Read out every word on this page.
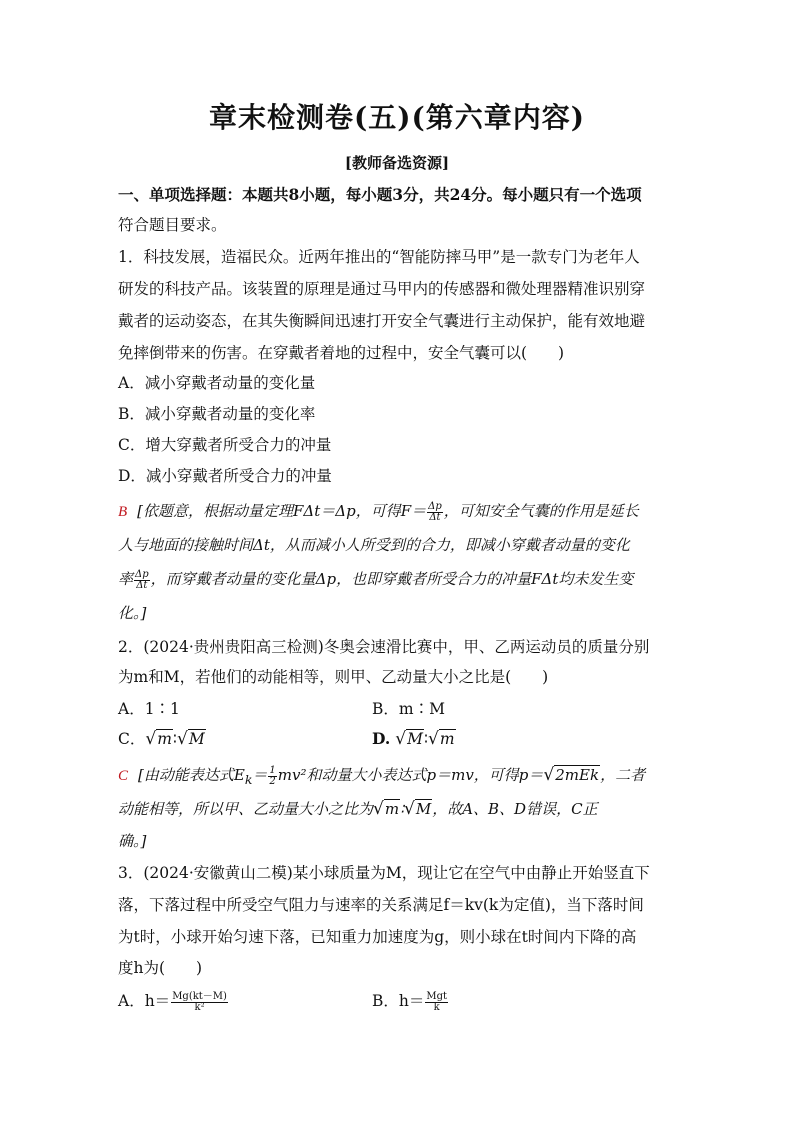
章末检测卷(五)(第六章内容)
[教师备选资源]
一、单项选择题：本题共8小题，每小题3分，共24分。每小题只有一个选项
符合题目要求。
1．科技发展，造福民众。近两年推出的“智能防摔马甲”是一款专门为老年人
研发的科技产品。该装置的原理是通过马甲内的传感器和微处理器精准识别穿
戴者的运动姿态，在其失衡瞬间迅速打开安全气囊进行主动保护，能有效地避
免摔倒带来的伤害。在穿戴者着地的过程中，安全气囊可以(　　)
A．减小穿戴者动量的变化量
B．减小穿戴者动量的变化率
C．增大穿戴者所受合力的冲量
D．减小穿戴者所受合力的冲量
B [依题意，根据动量定理FΔt＝Δp，可得$F= \frac{\Delta p}{\Delta t}$ ，可知安全气囊的作用是延长
人与地面的接触时间Δt，从而减小人所受到的合力，即减小穿戴者动量的变化
率 $\frac{\Delta p}{\Delta t}$ ，而穿戴者动量的变化量Δp，也即穿戴者所受合力的冲量FΔt均未发生变
化。]
2．(2024·贵州贵阳高三检测)冬奥会速滑比赛中，甲、乙两运动员的质量分别
为m和M，若他们的动能相等，则甲、乙动量大小之比是(　　)
A．1∶1	B．m∶M
C．√m∶√M	D. √M∶√m
C [由动能表达式$E_k= \frac{1}{2} mv^2$和动量大小表达式p＝mv，可得p＝√2mEk，二者
动能相等，所以甲、乙动量大小之比为√m∶√M，故A、B、D错误，C正
确。]
3．(2024·安徽黄山二模)某小球质量为M，现让它在空气中由静止开始竖直下
落，下落过程中所受空气阻力与速率的关系满足f＝kv(k为定值)，当下落时间
为t时，小球开始匀速下落，已知重力加速度为g，则小球在t时间内下降的高
度h为(　　)
A．$h= \frac{Mg(kt-M)}{\text{k²}}$	B．$h= \frac{\text{Mgt}}{k}$
